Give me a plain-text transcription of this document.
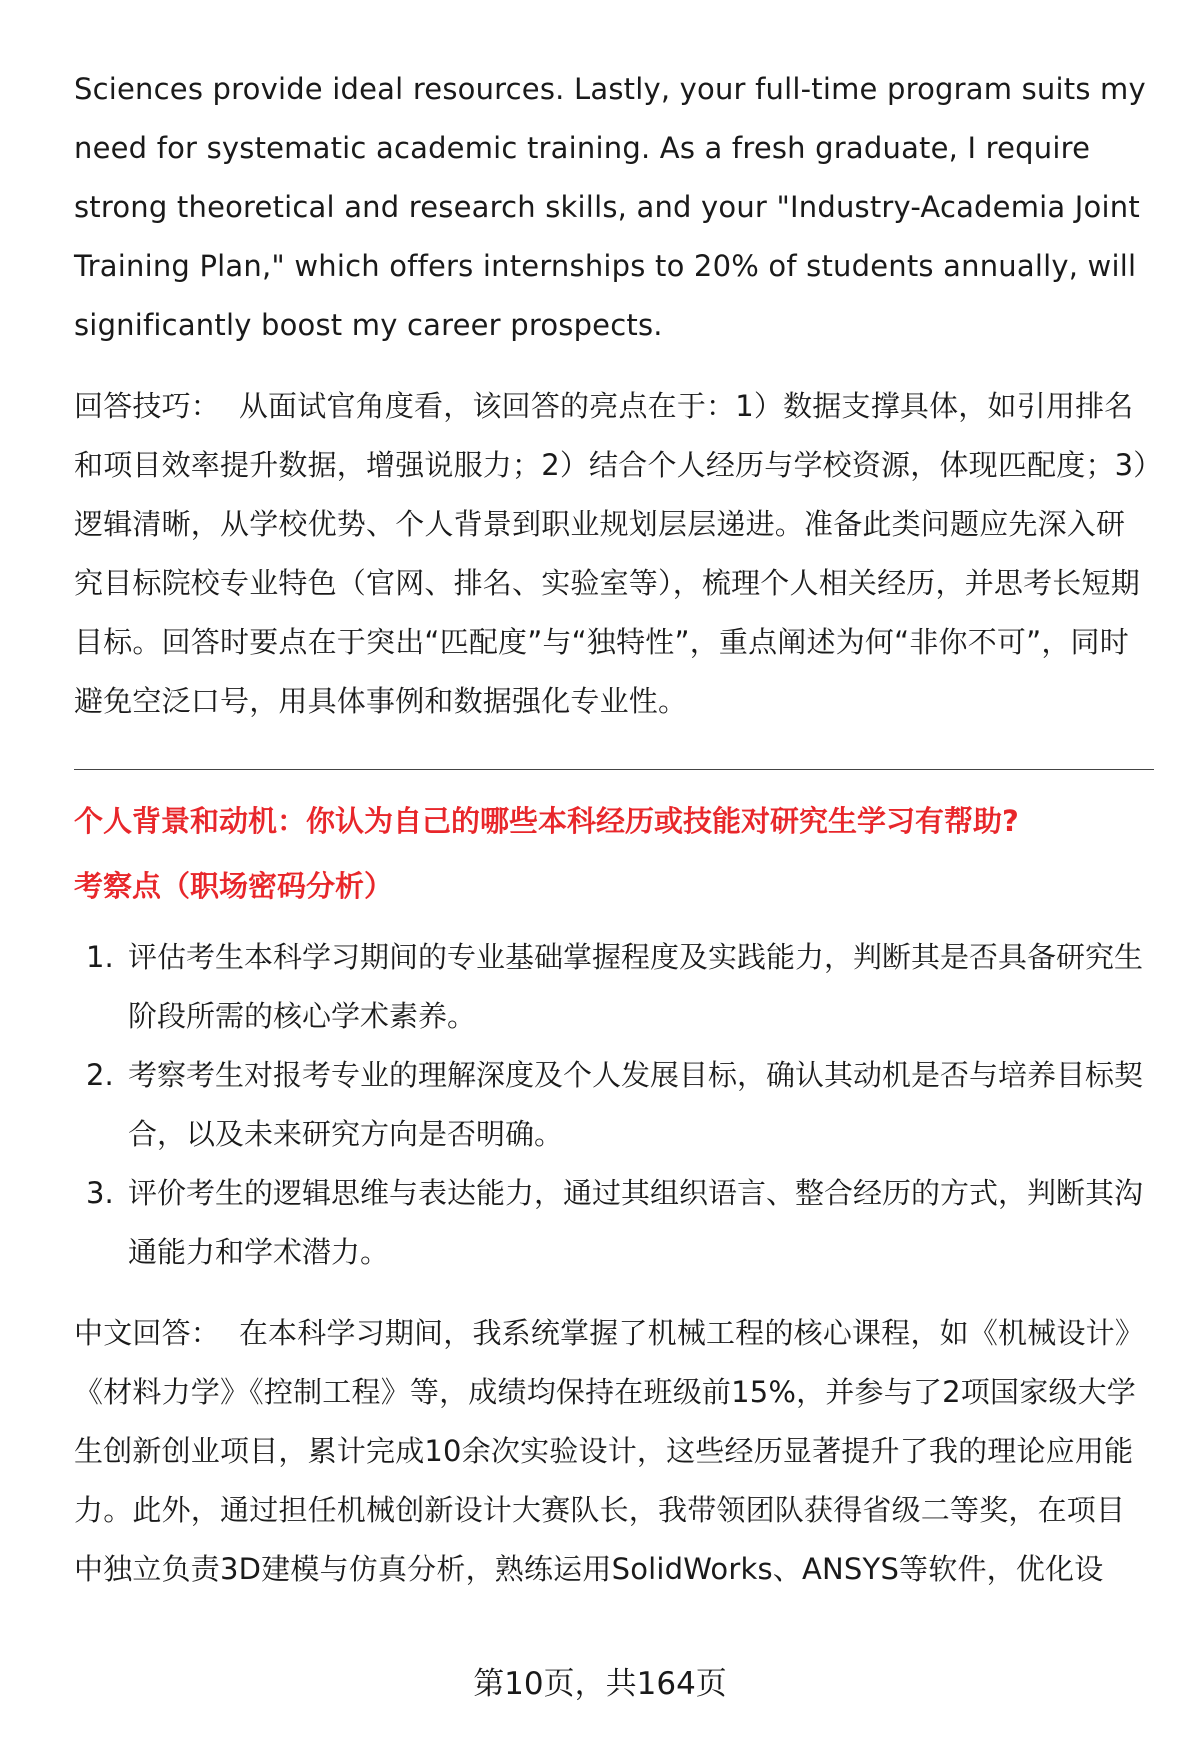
Sciences provide ideal resources. Lastly, your full-time program suits my need for systematic academic training. As a fresh graduate, I require strong theoretical and research skills, and your "Industry-Academia Joint Training Plan," which offers internships to 20% of students annually, will significantly boost my career prospects.

回答技巧： 从面试官角度看，该回答的亮点在于：1）数据支撑具体，如引用排名和项目效率提升数据，增强说服力；2）结合个人经历与学校资源，体现匹配度；3）逻辑清晰，从学校优势、个人背景到职业规划层层递进。准备此类问题应先深入研究目标院校专业特色（官网、排名、实验室等），梳理个人相关经历，并思考长短期目标。回答时要点在于突出“匹配度”与“独特性”，重点阐述为何“非你不可”，同时避免空泛口号，用具体事例和数据强化专业性。

个人背景和动机：你认为自己的哪些本科经历或技能对研究生学习有帮助?

考察点（职场密码分析）

1. 评估考生本科学习期间的专业基础掌握程度及实践能力，判断其是否具备研究生阶段所需的核心学术素养。
2. 考察考生对报考专业的理解深度及个人发展目标，确认其动机是否与培养目标契合，以及未来研究方向是否明确。
3. 评价考生的逻辑思维与表达能力，通过其组织语言、整合经历的方式，判断其沟通能力和学术潜力。

中文回答： 在本科学习期间，我系统掌握了机械工程的核心课程，如《机械设计》《材料力学》《控制工程》等，成绩均保持在班级前15%，并参与了2项国家级大学生创新创业项目，累计完成10余次实验设计，这些经历显著提升了我的理论应用能力。此外，通过担任机械创新设计大赛队长，我带领团队获得省级二等奖，在项目中独立负责3D建模与仿真分析，熟练运用SolidWorks、ANSYS等软件，优化设

第10页，共164页
